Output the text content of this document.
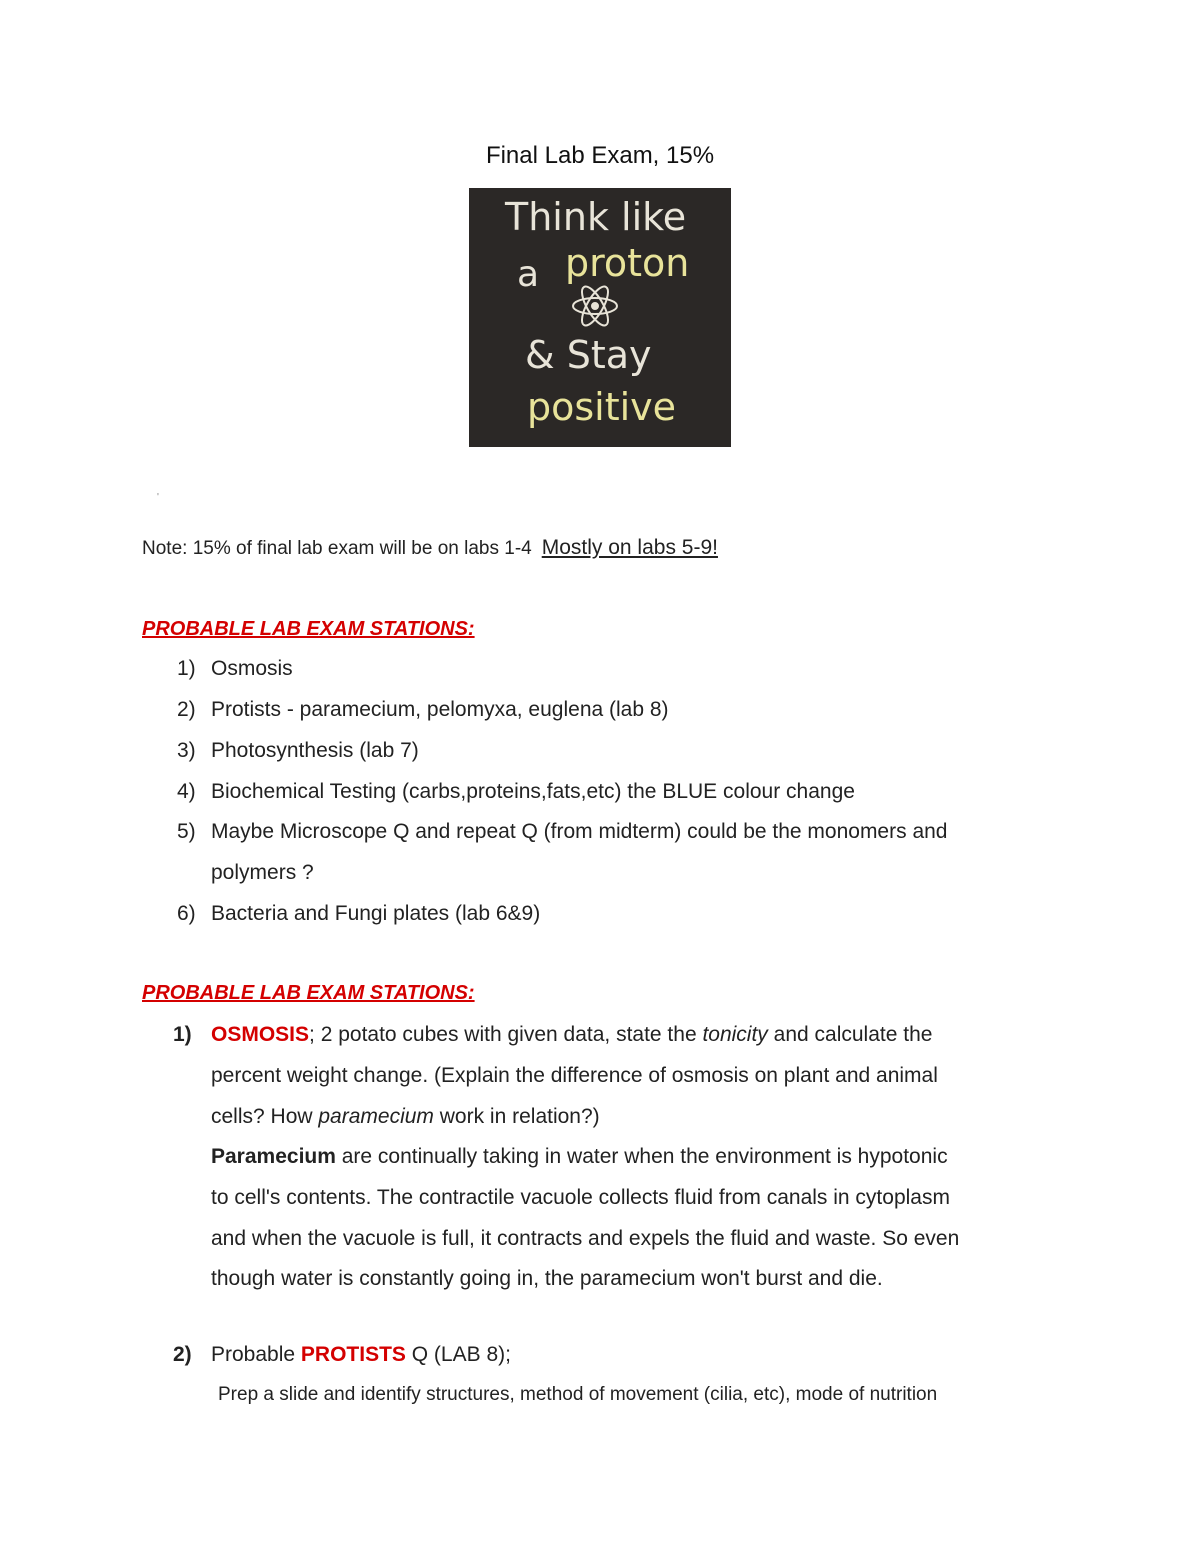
Final Lab Exam, 15%
Think like
a proton
& Stay
positive
'
Note: 15% of final lab exam will be on labs 1-4 Mostly on labs 5-9!
PROBABLE LAB EXAM STATIONS:
1) Osmosis
2) Protists - paramecium, pelomyxa, euglena (lab 8)
3) Photosynthesis (lab 7)
4) Biochemical Testing (carbs,proteins,fats,etc) the BLUE colour change
5) Maybe Microscope Q and repeat Q (from midterm) could be the monomers and
polymers ?
6) Bacteria and Fungi plates (lab 6&9)
PROBABLE LAB EXAM STATIONS:
1) OSMOSIS; 2 potato cubes with given data, state the tonicity and calculate the
percent weight change. (Explain the difference of osmosis on plant and animal
cells? How paramecium work in relation?)
Paramecium are continually taking in water when the environment is hypotonic
to cell's contents. The contractile vacuole collects fluid from canals in cytoplasm
and when the vacuole is full, it contracts and expels the fluid and waste. So even
though water is constantly going in, the paramecium won't burst and die.
2) Probable PROTISTS Q (LAB 8);
Prep a slide and identify structures, method of movement (cilia, etc), mode of nutrition
